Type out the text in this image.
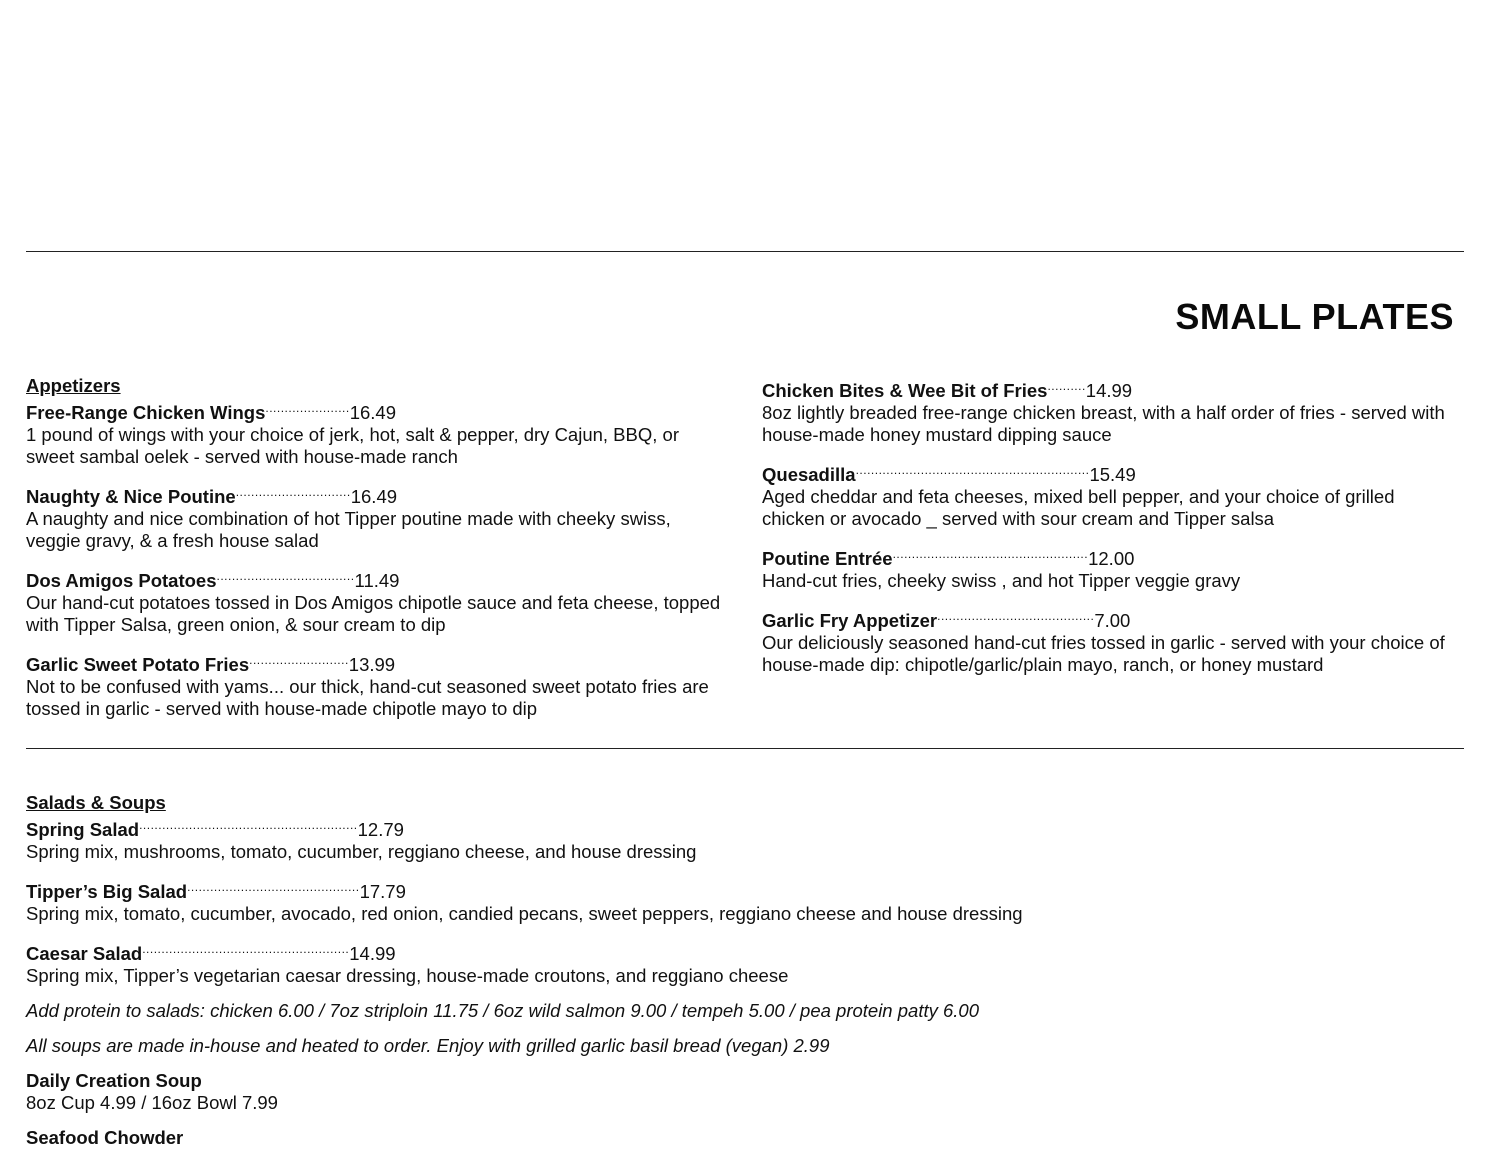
SMALL PLATES

Appetizers

Free-Range Chicken Wings......................16.49

1 pound of wings with your choice of jerk, hot, salt & pepper, dry Cajun, BBQ, or sweet sambal oelek - served with house-made ranch

Naughty & Nice Poutine..............................16.49

A naughty and nice combination of hot Tipper poutine made with cheeky swiss, veggie gravy, & a fresh house salad

Dos Amigos Potatoes....................................11.49

Our hand-cut potatoes tossed in Dos Amigos chipotle sauce and feta cheese, topped with Tipper Salsa, green onion, & sour cream to dip

Garlic Sweet Potato Fries..........................13.99

Not to be confused with yams... our thick, hand-cut seasoned sweet potato fries are tossed in garlic - served with house-made chipotle mayo to dip

Chicken Bites & Wee Bit of Fries..........14.99

8oz lightly breaded free-range chicken breast, with a half order of fries - served with house-made honey mustard dipping sauce

Quesadilla.............................................................15.49

Aged cheddar and feta cheeses, mixed bell pepper, and your choice of grilled chicken or avocado _ served with sour cream and Tipper salsa

Poutine Entrée...................................................12.00

Hand-cut fries, cheeky swiss , and hot Tipper veggie gravy

Garlic Fry Appetizer.........................................7.00

Our deliciously seasoned hand-cut fries tossed in garlic - served with your choice of house-made dip: chipotle/garlic/plain mayo, ranch, or honey mustard

Salads & Soups

Spring Salad.........................................................12.79

Spring mix, mushrooms, tomato, cucumber, reggiano cheese, and house dressing

Tipper’s Big Salad.............................................17.79

Spring mix, tomato, cucumber, avocado, red onion, candied pecans, sweet peppers, reggiano cheese and house dressing

Caesar Salad......................................................14.99

Spring mix, Tipper’s vegetarian caesar dressing, house-made croutons, and reggiano cheese

Add protein to salads: chicken 6.00 / 7oz striploin 11.75 / 6oz wild salmon 9.00 / tempeh 5.00 / pea protein patty 6.00

All soups are made in-house and heated to order. Enjoy with grilled garlic basil bread (vegan) 2.99

Daily Creation Soup

8oz Cup 4.99 / 16oz Bowl 7.99

Seafood Chowder
